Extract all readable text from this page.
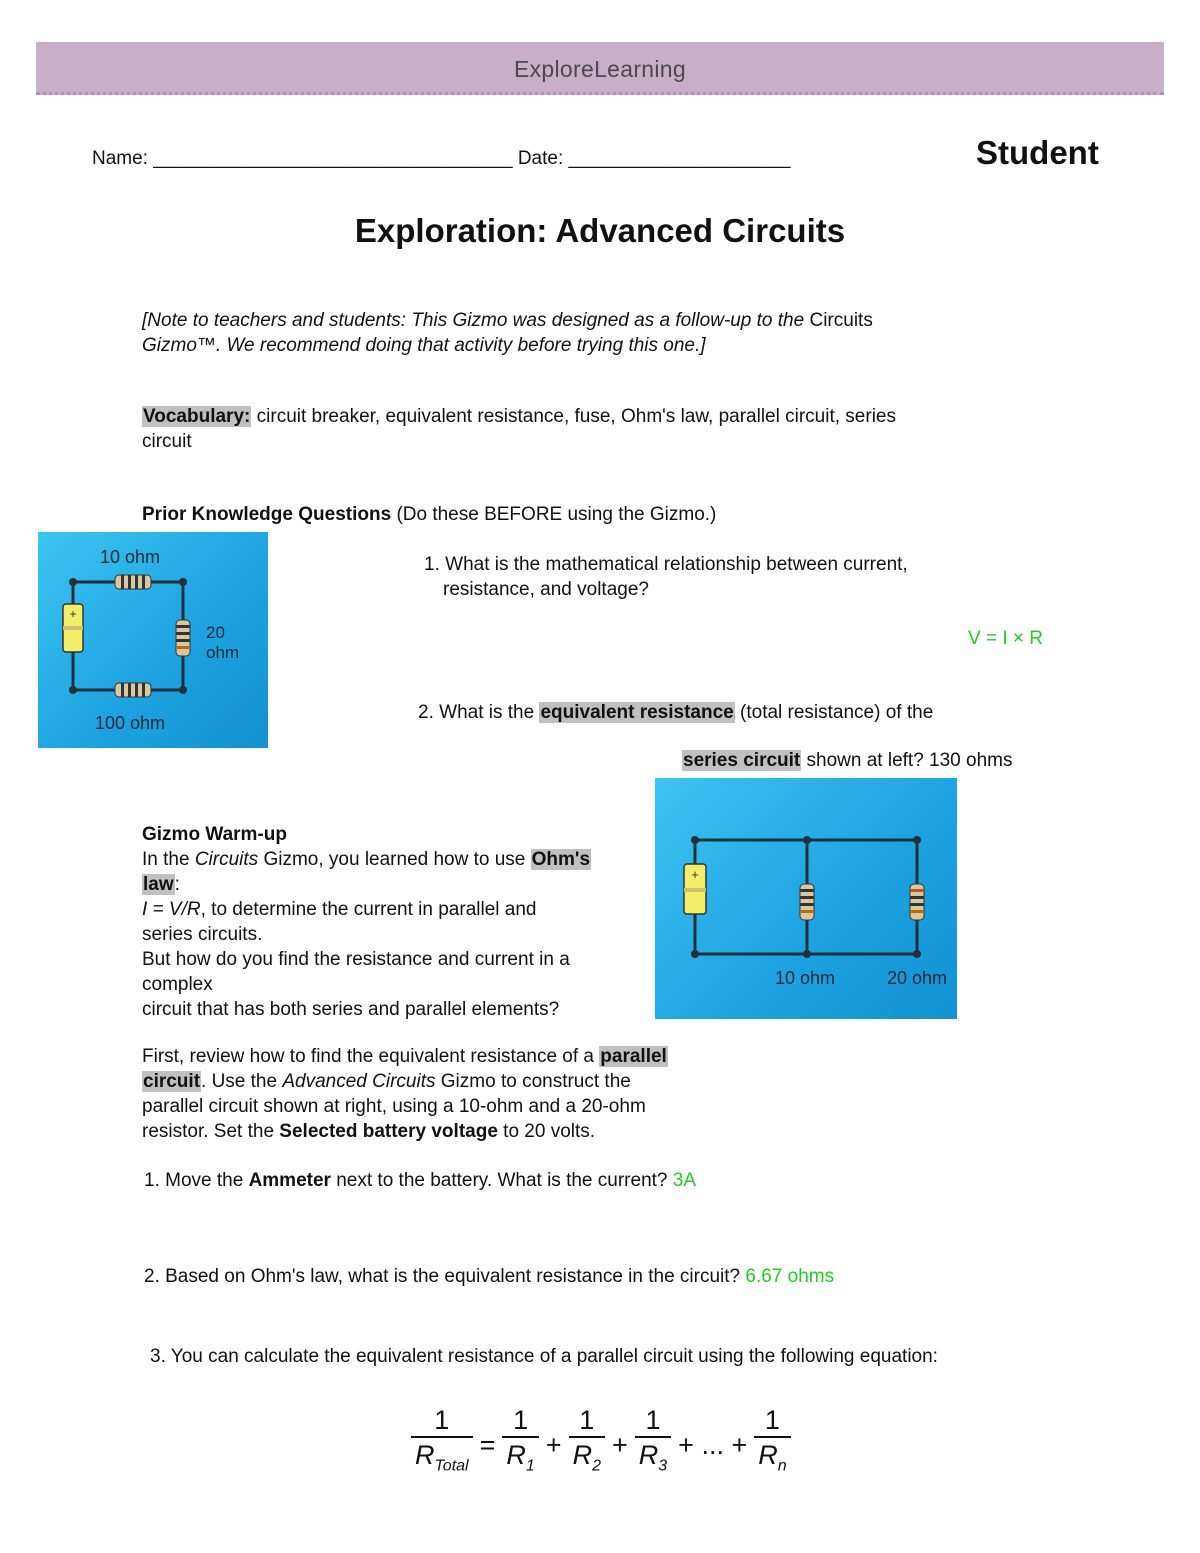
ExploreLearning
Name: __________________________________ Date: _____________________	Student
Exploration: Advanced Circuits
[Note to teachers and students: This Gizmo was designed as a follow-up to the Circuits
Gizmo™. We recommend doing that activity before trying this one.]
Vocabulary: circuit breaker, equivalent resistance, fuse, Ohm's law, parallel circuit, series
circuit
Prior Knowledge Questions (Do these BEFORE using the Gizmo.)
+
10 ohm
20
ohm
100 ohm
1. What is the mathematical relationship between current,
resistance, and voltage?
V = I × R
2. What is the equivalent resistance (total resistance) of the
series circuit shown at left? 130 ohms
+
10 ohm	20 ohm
Gizmo Warm-up
In the Circuits Gizmo, you learned how to use Ohm's
law:
I = V/R, to determine the current in parallel and
series circuits.
But how do you find the resistance and current in a
complex
circuit that has both series and parallel elements?
First, review how to find the equivalent resistance of a parallel
circuit. Use the Advanced Circuits Gizmo to construct the
parallel circuit shown at right, using a 10-ohm and a 20-ohm
resistor. Set the Selected battery voltage to 20 volts.
1. Move the Ammeter next to the battery. What is the current? 3A
2. Based on Ohm's law, what is the equivalent resistance in the circuit? 6.67 ohms
3. You can calculate the equivalent resistance of a parallel circuit using the following equation:
$\frac{1}{R_{Total}} = \frac{1}{R_1} + \frac{1}{R_2} + \frac{1}{R_3}$ + ... + $\frac{1}{R_n}$
